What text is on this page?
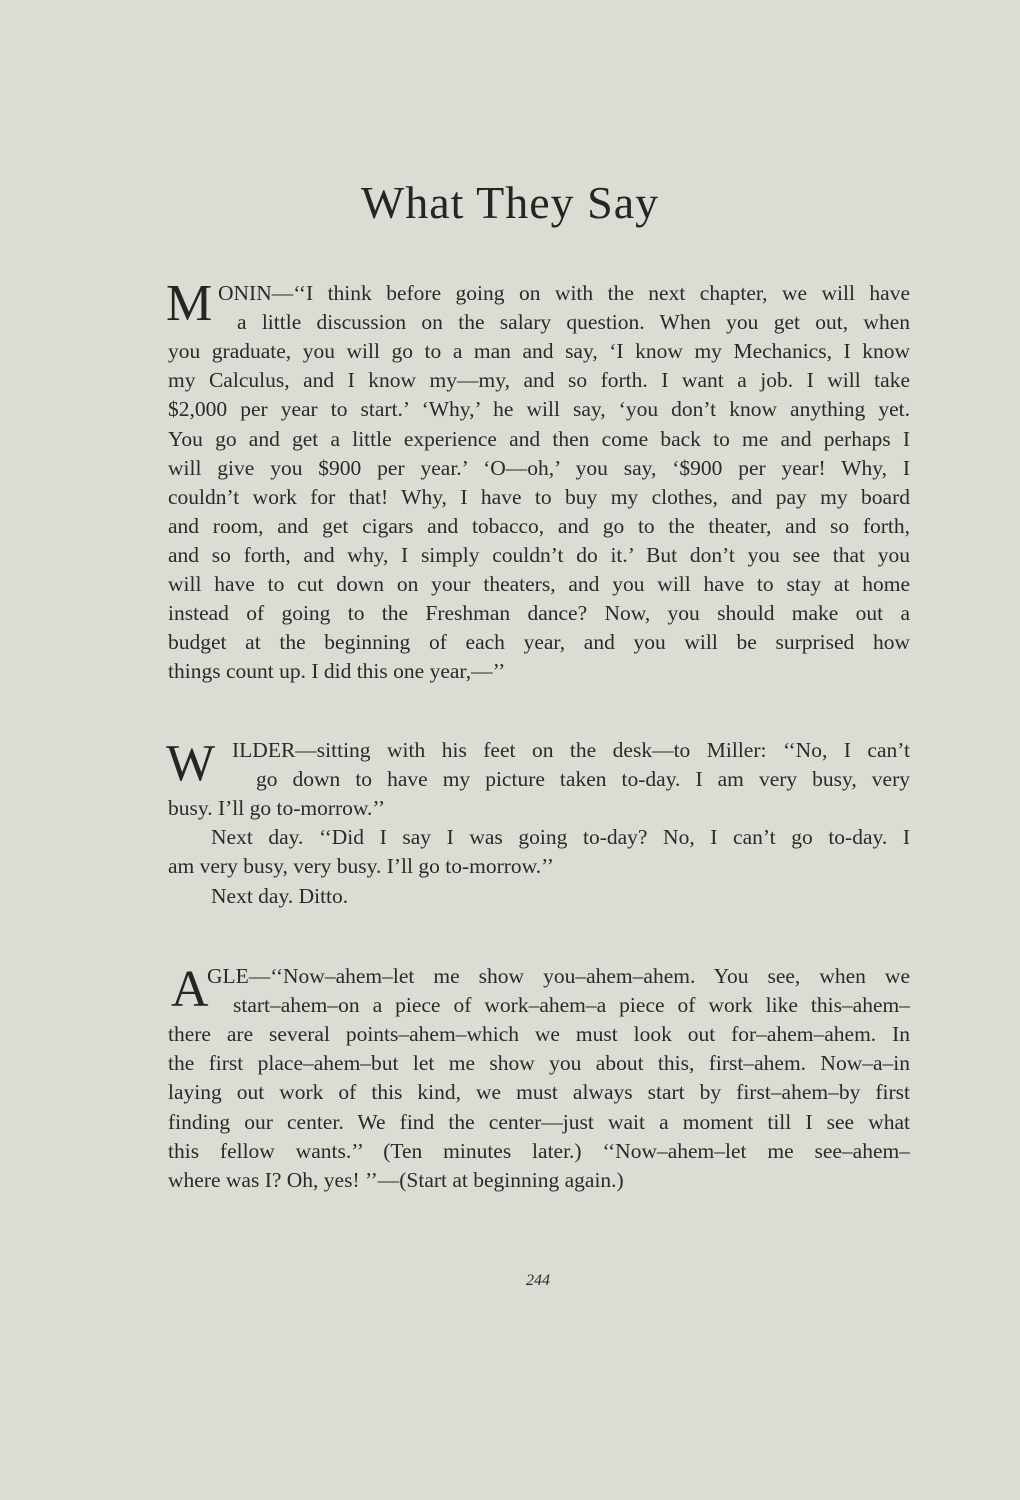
What They Say
M ONIN—‘‘I think before going on with the next chapter, we will have
a little discussion on the salary question. When you get out, when
you graduate, you will go to a man and say, ‘I know my Mechanics, I know
my Calculus, and I know my—my, and so forth. I want a job. I will take
$2,000 per year to start.’ ‘Why,’ he will say, ‘you don’t know anything yet.
You go and get a little experience and then come back to me and perhaps I
will give you $900 per year.’ ‘O—oh,’ you say, ‘$900 per year! Why, I
couldn’t work for that! Why, I have to buy my clothes, and pay my board
and room, and get cigars and tobacco, and go to the theater, and so forth,
and so forth, and why, I simply couldn’t do it.’ But don’t you see that you
will have to cut down on your theaters, and you will have to stay at home
instead of going to the Freshman dance? Now, you should make out a
budget at the beginning of each year, and you will be surprised how
things count up. I did this one year,—’’
W ILDER—sitting with his feet on the desk—to Miller: ‘‘No, I can’t
go down to have my picture taken to-day. I am very busy, very
busy. I’ll go to-morrow.’’
Next day. ‘‘Did I say I was going to-day? No, I can’t go to-day. I
am very busy, very busy. I’ll go to-morrow.’’
Next day. Ditto.
A
GLE—‘‘Now–ahem–let me show you–ahem–ahem. You see, when we
start–ahem–on a piece of work–ahem–a piece of work like this–ahem–
there are several points–ahem–which we must look out for–ahem–ahem. In
the first place–ahem–but let me show you about this, first–ahem. Now–a–in
laying out work of this kind, we must always start by first–ahem–by first
finding our center. We find the center—just wait a moment till I see what
this fellow wants.’’ (Ten minutes later.) ‘‘Now–ahem–let me see–ahem–
where was I? Oh, yes! ’’—(Start at beginning again.)
244
